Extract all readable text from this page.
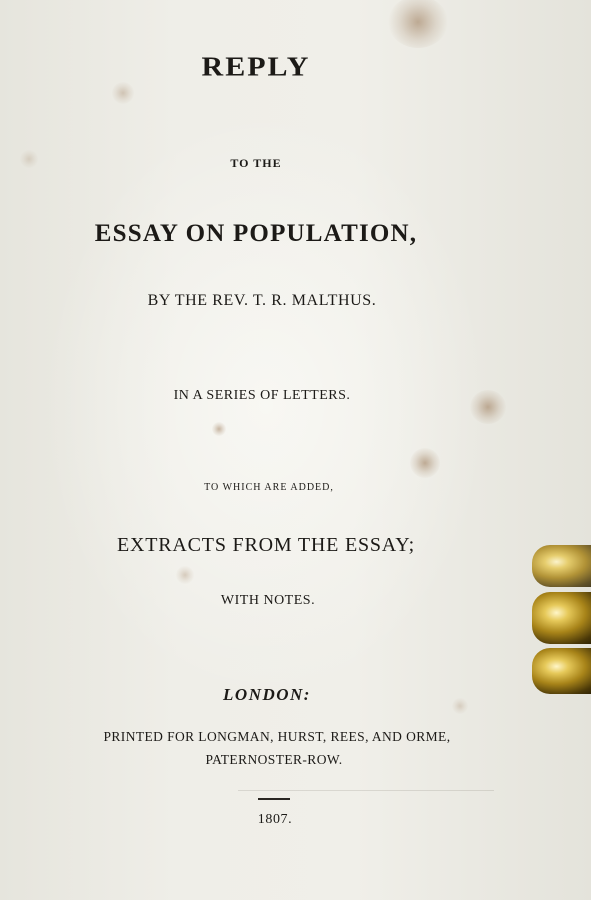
REPLY
TO THE
ESSAY ON POPULATION,
BY THE REV. T. R. MALTHUS.
IN A SERIES OF LETTERS.
TO WHICH ARE ADDED,
EXTRACTS FROM THE ESSAY;
WITH NOTES.
LONDON:
PRINTED FOR LONGMAN, HURST, REES, AND ORME,
PATERNOSTER-ROW.
1807.
